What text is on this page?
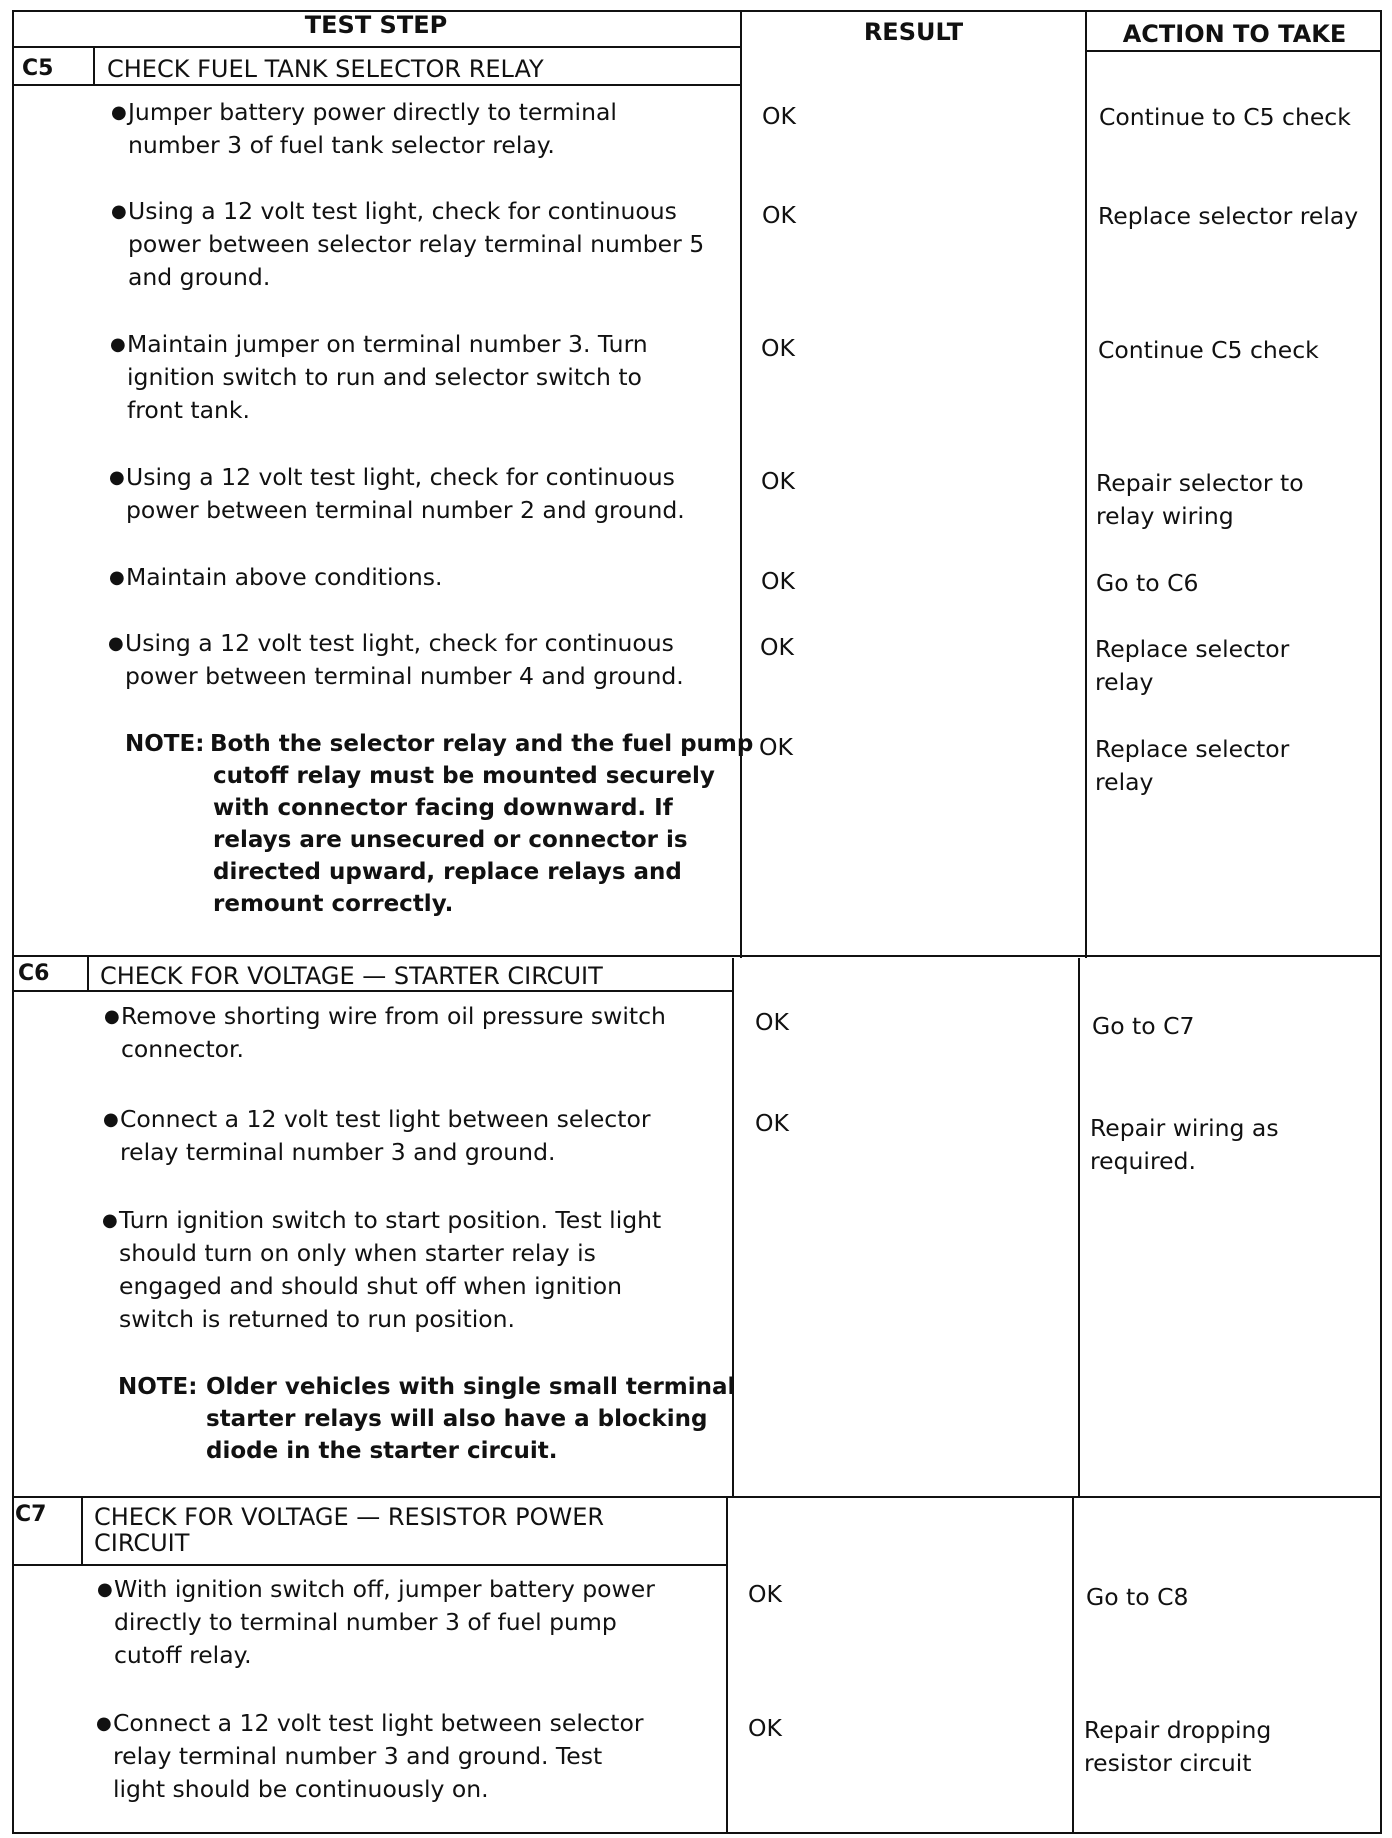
TEST STEP	RESULT	ACTION TO TAKE
C5 CHECK FUEL TANK SELECTOR RELAY
● Jumper battery power directly to terminal
number 3 of fuel tank selector relay.
OK	Continue to C5 check
● Using a 12 volt test light, check for continuous
power between selector relay terminal number 5
and ground.
OK	Replace selector relay
● Maintain jumper on terminal number 3. Turn
ignition switch to run and selector switch to
front tank.
OK	Continue C5 check
● Using a 12 volt test light, check for continuous
power between terminal number 2 and ground.
OK	Repair selector to
relay wiring
● Maintain above conditions.	OK	Go to C6
● Using a 12 volt test light, check for continuous
power between terminal number 4 and ground.
OK	Replace selector
relay
NOTE: Both the selector relay and the fuel pump
cutoff relay must be mounted securely
with connector facing downward. If
relays are unsecured or connector is
directed upward, replace relays and
remount correctly.
OK	Replace selector
relay
C6 CHECK FOR VOLTAGE — STARTER CIRCUIT
● Remove shorting wire from oil pressure switch
connector.
OK	Go to C7
● Connect a 12 volt test light between selector
relay terminal number 3 and ground.
OK	Repair wiring as
required.
● Turn ignition switch to start position. Test light
should turn on only when starter relay is
engaged and should shut off when ignition
switch is returned to run position.
NOTE: Older vehicles with single small terminal
starter relays will also have a blocking
diode in the starter circuit.
C7 CHECK FOR VOLTAGE — RESISTOR POWER
CIRCUIT
● With ignition switch off, jumper battery power
directly to terminal number 3 of fuel pump
cutoff relay.
OK	Go to C8
● Connect a 12 volt test light between selector
relay terminal number 3 and ground. Test
light should be continuously on.
OK	Repair dropping
resistor circuit
